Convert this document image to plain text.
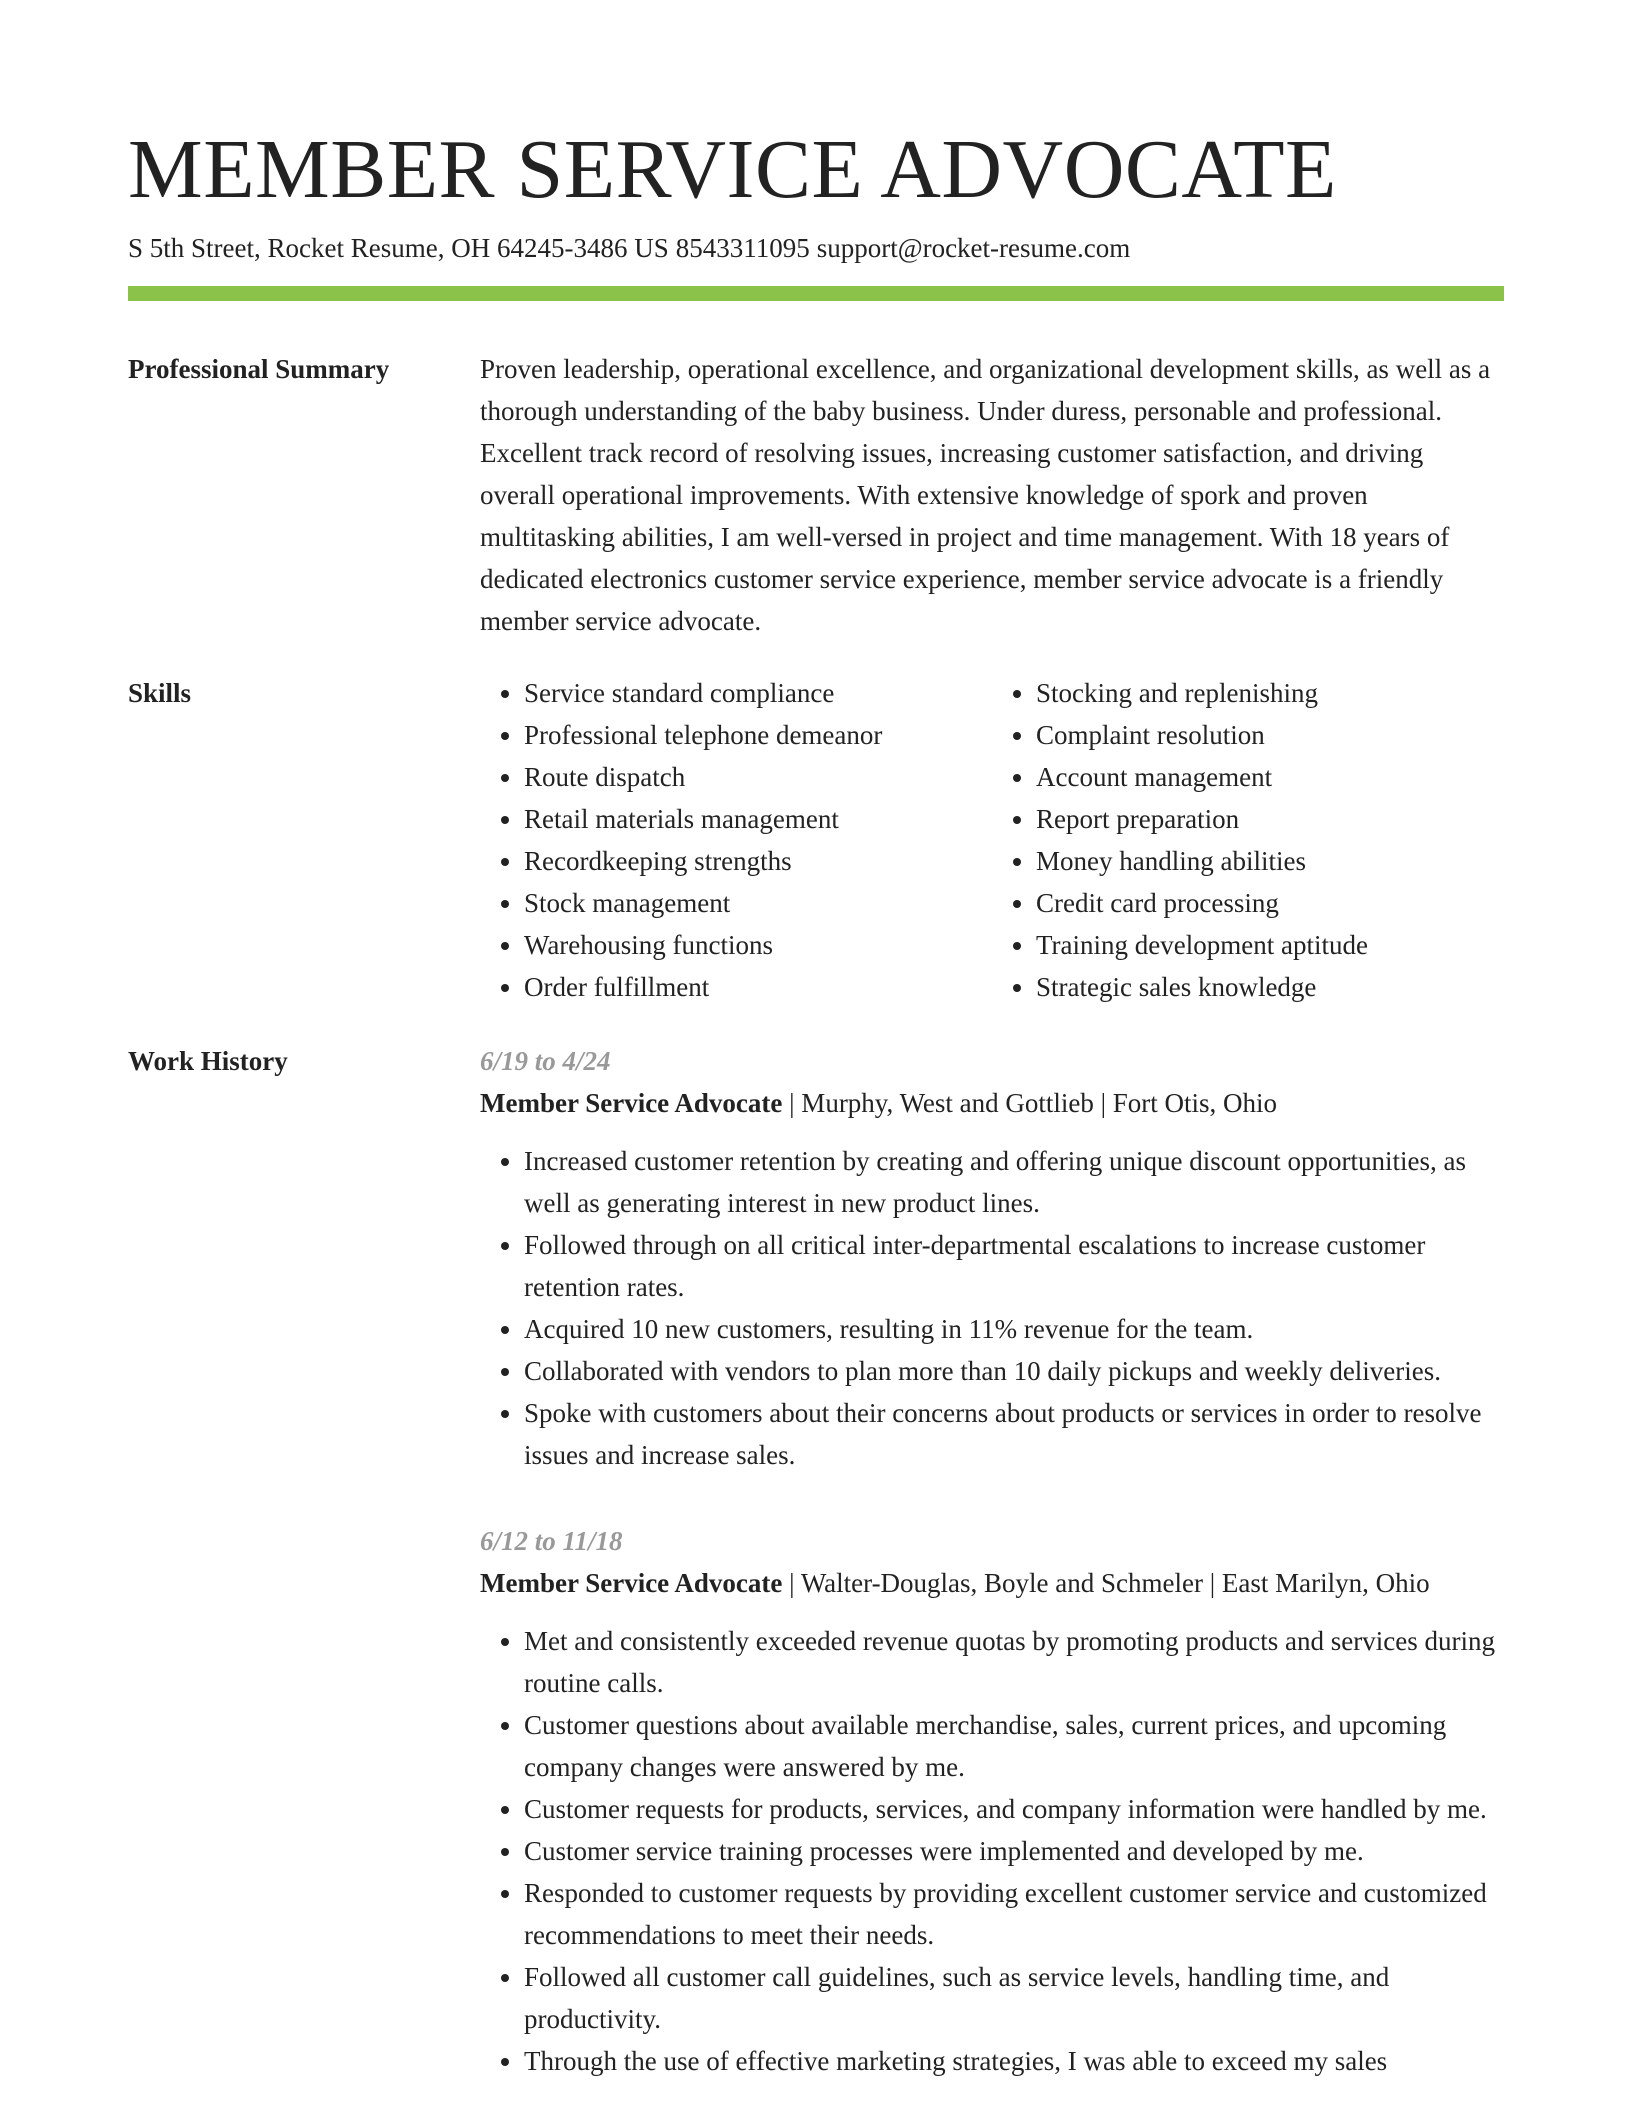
MEMBER SERVICE ADVOCATE
S 5th Street, Rocket Resume, OH 64245-3486 US 8543311095 support@rocket-resume.com
Professional Summary	Proven leadership, operational excellence, and organizational development skills, as well as a thorough understanding of the baby business. Under duress, personable and professional. Excellent track record of resolving issues, increasing customer satisfaction, and driving overall operational improvements. With extensive knowledge of spork and proven multitasking abilities, I am well-versed in project and time management. With 18 years of dedicated electronics customer service experience, member service advocate is a friendly member service advocate.

Skills
•	Service standard compliance
• Professional telephone demeanor
• Route dispatch
• Retail materials management
• Recordkeeping strengths
• Stock management
• Warehousing functions
• Order fulfillment
• Stocking and replenishing
• Complaint resolution
• Account management
• Report preparation
• Money handling abilities
• Credit card processing
• Training development aptitude
• Strategic sales knowledge
Work History	6/19 to 4/24
Member Service Advocate | Murphy, West and Gottlieb | Fort Otis, Ohio
• Increased customer retention by creating and offering unique discount opportunities, as well as generating interest in new product lines.
• Followed through on all critical inter-departmental escalations to increase customer retention rates.
• Acquired 10 new customers, resulting in 11% revenue for the team.
• Collaborated with vendors to plan more than 10 daily pickups and weekly deliveries.
• Spoke with customers about their concerns about products or services in order to resolve issues and increase sales.
6/12 to 11/18
Member Service Advocate | Walter-Douglas, Boyle and Schmeler | East Marilyn, Ohio
• Met and consistently exceeded revenue quotas by promoting products and services during routine calls.
• Customer questions about available merchandise, sales, current prices, and upcoming company changes were answered by me.
• Customer requests for products, services, and company information were handled by me.
• Customer service training processes were implemented and developed by me.
• Responded to customer requests by providing excellent customer service and customized recommendations to meet their needs.
• Followed all customer call guidelines, such as service levels, handling time, and productivity.
• Through the use of effective marketing strategies, I was able to exceed my sales
